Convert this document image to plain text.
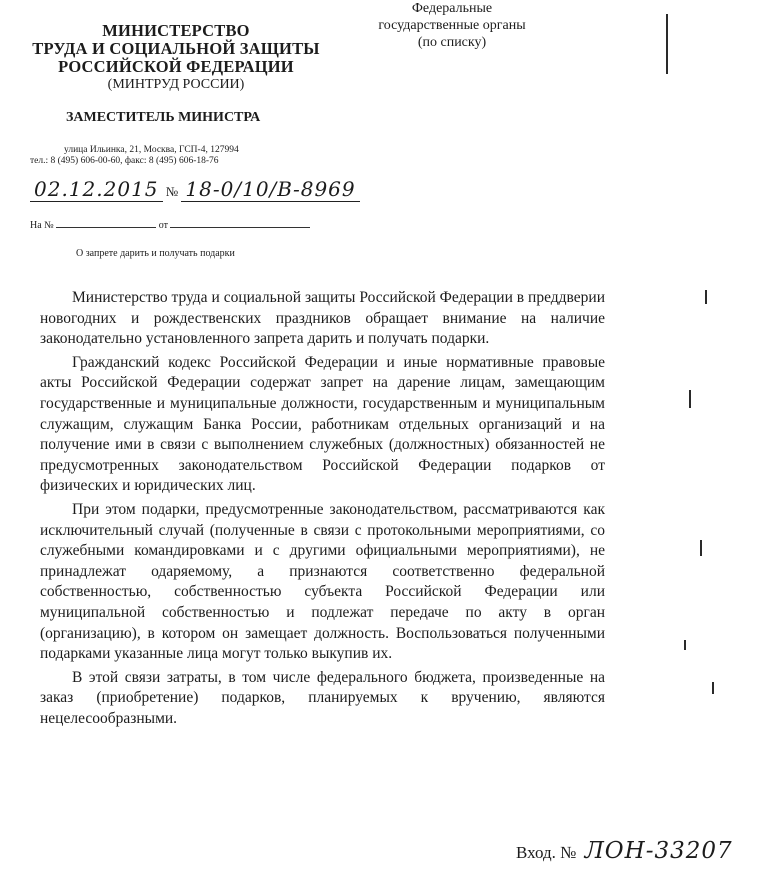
МИНИСТЕРСТВО
ТРУДА И СОЦИАЛЬНОЙ ЗАЩИТЫ
РОССИЙСКОЙ ФЕДЕРАЦИИ
(МИНТРУД РОССИИ)
ЗАМЕСТИТЕЛЬ МИНИСТРА
улица Ильинка, 21, Москва, ГСП-4, 127994
тел.: 8 (495) 606-00-60, факс: 8 (495) 606-18-76
02.12.2015 № 18-0/10/В-8969
На №	от
О запрете дарить и получать подарки
Федеральные
государственные органы
(по списку)

Министерство труда и социальной защиты Российской Федерации в преддверии новогодних и рождественских праздников обращает внимание на наличие законодательно установленного запрета дарить и получать подарки.

Гражданский кодекс Российской Федерации и иные нормативные правовые акты Российской Федерации содержат запрет на дарение лицам, замещающим государственные и муниципальные должности, государственным и муниципальным служащим, служащим Банка России, работникам отдельных организаций и на получение ими в связи с выполнением служебных (должностных) обязанностей не предусмотренных законодательством Российской Федерации подарков от физических и юридических лиц.

При этом подарки, предусмотренные законодательством, рассматриваются как исключительный случай (полученные в связи с протокольными мероприятиями, со служебными командировками и с другими официальными мероприятиями), не принадлежат одаряемому, а признаются соответственно федеральной собственностью, собственностью субъекта Российской Федерации или муниципальной собственностью и подлежат передаче по акту в орган (организацию), в котором он замещает должность. Воспользоваться полученными подарками указанные лица могут только выкупив их.

В этой связи затраты, в том числе федерального бюджета, произведенные на заказ (приобретение) подарков, планируемых к вручению, являются нецелесообразными.

Вход. № ЛОН-33207
